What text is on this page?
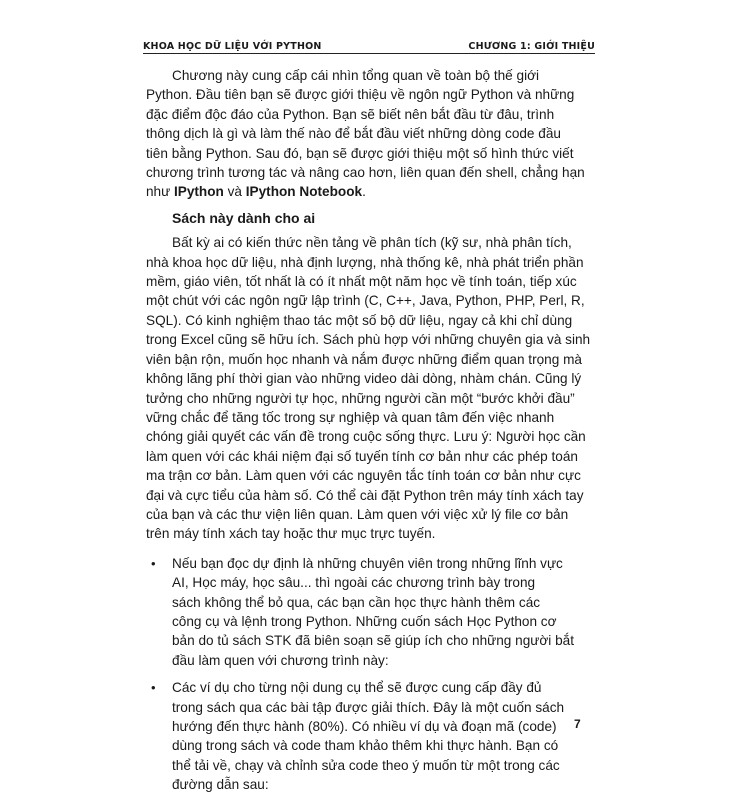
KHOA HỌC DỮ LIỆU VỚI PYTHON	CHƯƠNG 1: GIỚI THIỆU

Chương này cung cấp cái nhìn tổng quan về toàn bộ thế giới
Python. Đầu tiên bạn sẽ được giới thiệu về ngôn ngữ Python và những
đặc điểm độc đáo của Python. Bạn sẽ biết nên bắt đầu từ đâu, trình
thông dịch là gì và làm thế nào để bắt đầu viết những dòng code đầu
tiên bằng Python. Sau đó, bạn sẽ được giới thiệu một số hình thức viết
chương trình tương tác và nâng cao hơn, liên quan đến shell, chẳng hạn
như IPython và IPython Notebook.

Sách này dành cho ai

Bất kỳ ai có kiến thức nền tảng về phân tích (kỹ sư, nhà phân tích,
nhà khoa học dữ liệu, nhà định lượng, nhà thống kê, nhà phát triển phần
mềm, giáo viên, tốt nhất là có ít nhất một năm học về tính toán, tiếp xúc
một chút với các ngôn ngữ lập trình (C, C++, Java, Python, PHP, Perl, R,
SQL). Có kinh nghiệm thao tác một số bộ dữ liệu, ngay cả khi chỉ dùng
trong Excel cũng sẽ hữu ích. Sách phù hợp với những chuyên gia và sinh
viên bận rộn, muốn học nhanh và nắm được những điểm quan trọng mà
không lãng phí thời gian vào những video dài dòng, nhàm chán. Cũng lý
tưởng cho những người tự học, những người cần một “bước khởi đầu”
vững chắc để tăng tốc trong sự nghiệp và quan tâm đến việc nhanh
chóng giải quyết các vấn đề trong cuộc sống thực. Lưu ý: Người học cần
làm quen với các khái niệm đại số tuyến tính cơ bản như các phép toán
ma trận cơ bản. Làm quen với các nguyên tắc tính toán cơ bản như cực
đại và cực tiểu của hàm số. Có thể cài đặt Python trên máy tính xách tay
của bạn và các thư viện liên quan. Làm quen với việc xử lý file cơ bản
trên máy tính xách tay hoặc thư mục trực tuyến.

• Nếu bạn đọc dự định là những chuyên viên trong những lĩnh vực
AI, Học máy, học sâu... thì ngoài các chương trình bày trong
sách không thể bỏ qua, các bạn cần học thực hành thêm các
công cụ và lệnh trong Python. Những cuốn sách Học Python cơ
bản do tủ sách STK đã biên soạn sẽ giúp ích cho những người bắt
đầu làm quen với chương trình này:
• Các ví dụ cho từng nội dung cụ thể sẽ được cung cấp đầy đủ
trong sách qua các bài tập được giải thích. Đây là một cuốn sách
hướng đến thực hành (80%). Có nhiều ví dụ và đoạn mã (code)
dùng trong sách và code tham khảo thêm khi thực hành. Bạn có
thể tải về, chạy và chỉnh sửa code theo ý muốn từ một trong các
đường dẫn sau:
7
